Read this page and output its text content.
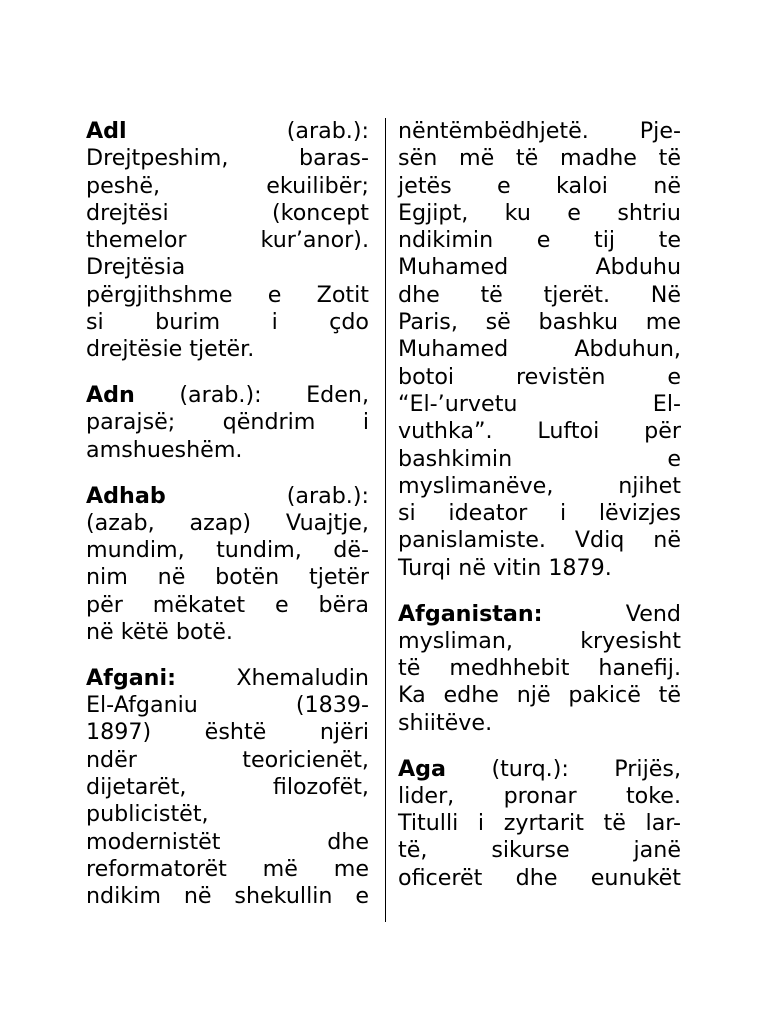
Adl (arab.):
Drejtpeshim, baras-
peshë, ekuilibër;
drejtësi (koncept
themelor kur’anor).
Drejtësia
përgjithshme e Zotit
si burim i çdo
drejtësie tjetër.
Adn (arab.): Eden,
parajsë; qëndrim i
amshueshëm.
Adhab (arab.):
(azab, azap) Vuajtje,
mundim, tundim, dë-
nim në botën tjetër
për mëkatet e bëra
në këtë botë.
Afgani: Xhemaludin
El-Afganiu (1839-
1897) është njëri
ndër teoricienët,
dijetarët, filozofët,
publicistët,
modernistët dhe
reformatorët më me
ndikim në shekullin e
nëntëmbëdhjetë. Pje-
sën më të madhe të
jetës e kaloi në
Egjipt, ku e shtriu
ndikimin e tij te
Muhamed Abduhu
dhe të tjerët. Në
Paris, së bashku me
Muhamed Abduhun,
botoi revistën e
“El-’urvetu El-
vuthka”. Luftoi për
bashkimin e
myslimanëve, njihet
si ideator i lëvizjes
panislamiste. Vdiq në
Turqi në vitin 1879.
Afganistan: Vend
mysliman, kryesisht
të medhhebit hanefij.
Ka edhe një pakicë të
shiitëve.
Aga (turq.): Prijës,
lider, pronar toke.
Titulli i zyrtarit të lar-
të, sikurse janë
oficerët dhe eunukët
